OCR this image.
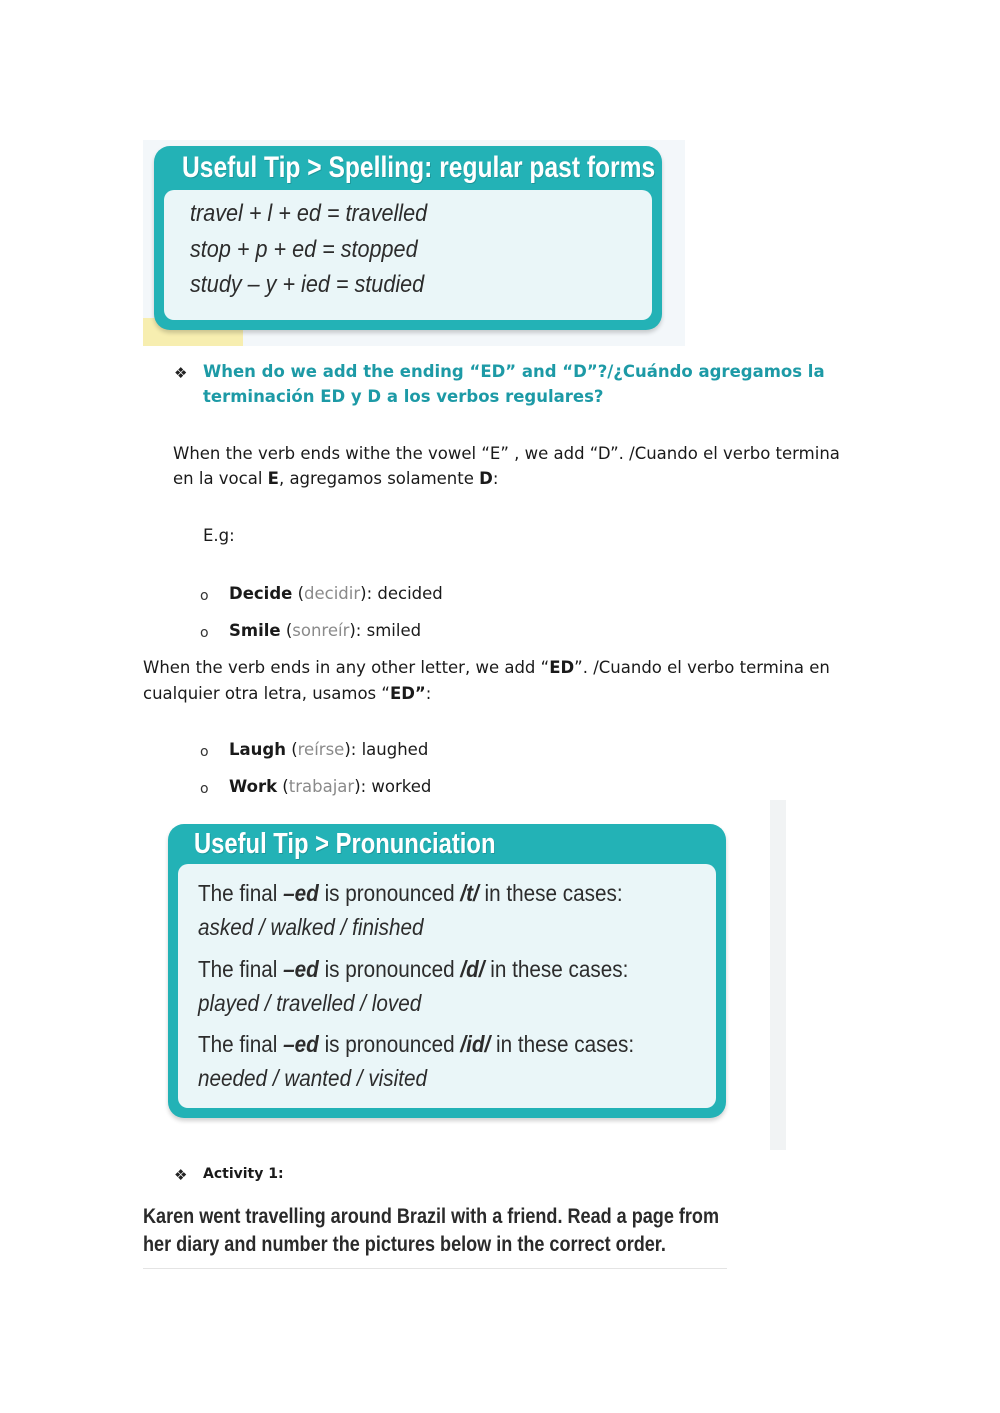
Useful Tip > Spelling: regular past forms
travel + l + ed = travelled
stop + p + ed = stopped
study – y + ied = studied
❖ When do we add the ending “ED” and “D”?/¿Cuándo agregamos la
terminación ED y D a los verbos regulares?
When the verb ends withe the vowel “E” , we add “D”. /Cuando el verbo termina
en la vocal E, agregamos solamente D:
E.g:
o Decide (decidir): decided
o Smile (sonreír): smiled
When the verb ends in any other letter, we add “ED”. /Cuando el verbo termina en
cualquier otra letra, usamos “ED”:
o Laugh (reírse): laughed
o Work (trabajar): worked
Useful Tip > Pronunciation
The final –ed is pronounced /t/ in these cases:
asked / walked / finished
The final –ed is pronounced /d/ in these cases:
played / travelled / loved
The final –ed is pronounced /id/ in these cases:
needed / wanted / visited
❖ Activity 1:
Karen went travelling around Brazil with a friend. Read a page from
her diary and number the pictures below in the correct order.
